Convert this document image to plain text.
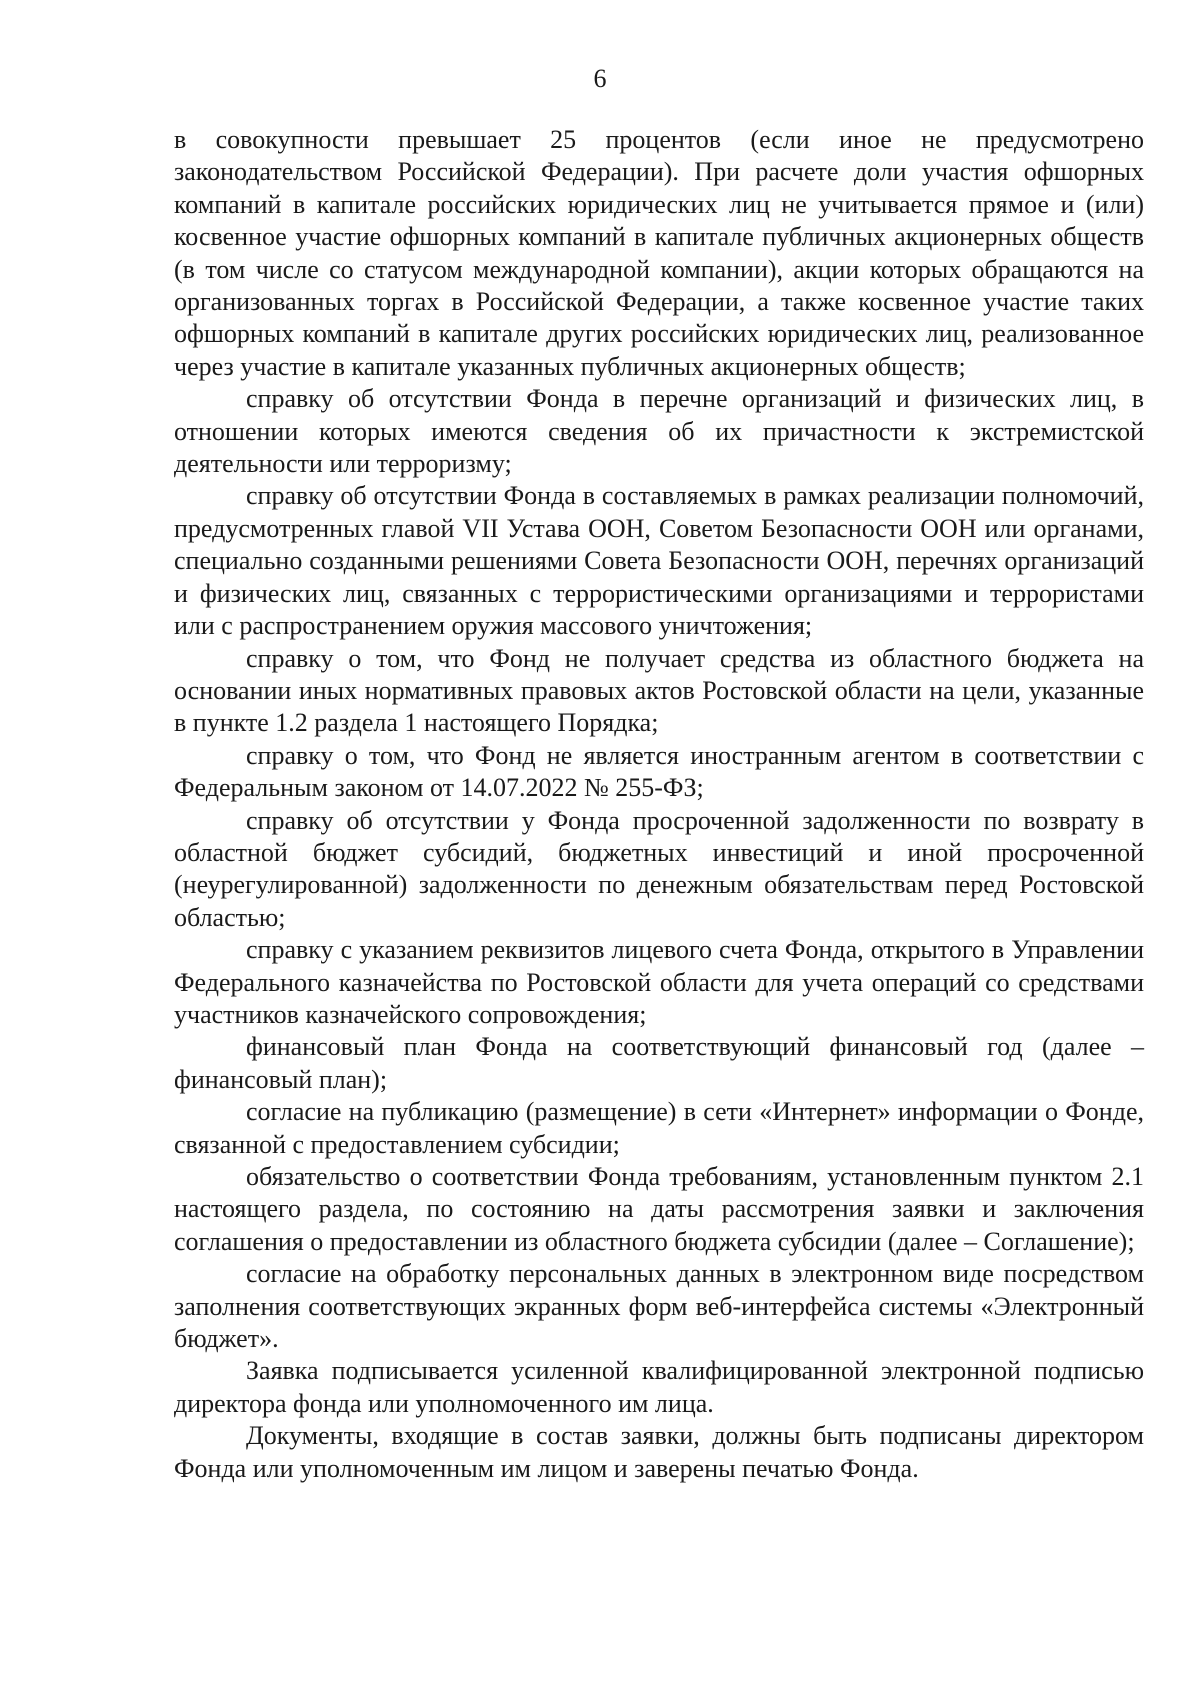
6

в совокупности превышает 25 процентов (если иное не предусмотрено законодательством Российской Федерации). При расчете доли участия офшорных компаний в капитале российских юридических лиц не учитывается прямое и (или) косвенное участие офшорных компаний в капитале публичных акционерных обществ (в том числе со статусом международной компании), акции которых обращаются на организованных торгах в Российской Федерации, а также косвенное участие таких офшорных компаний в капитале других российских юридических лиц, реализованное через участие в капитале указанных публичных акционерных обществ;

справку об отсутствии Фонда в перечне организаций и физических лиц, в отношении которых имеются сведения об их причастности к экстремистской деятельности или терроризму;

справку об отсутствии Фонда в составляемых в рамках реализации полномочий, предусмотренных главой VII Устава ООН, Советом Безопасности ООН или органами, специально созданными решениями Совета Безопасности ООН, перечнях организаций и физических лиц, связанных с террористическими организациями и террористами или с распространением оружия массового уничтожения;

справку о том, что Фонд не получает средства из областного бюджета на основании иных нормативных правовых актов Ростовской области на цели, указанные в пункте 1.2 раздела 1 настоящего Порядка;

справку о том, что Фонд не является иностранным агентом в соответствии с Федеральным законом от 14.07.2022 № 255-ФЗ;

справку об отсутствии у Фонда просроченной задолженности по возврату в областной бюджет субсидий, бюджетных инвестиций и иной просроченной (неурегулированной) задолженности по денежным обязательствам перед Ростовской областью;

справку с указанием реквизитов лицевого счета Фонда, открытого в Управлении Федерального казначейства по Ростовской области для учета операций со средствами участников казначейского сопровождения;

финансовый план Фонда на соответствующий финансовый год (далее – финансовый план);

согласие на публикацию (размещение) в сети «Интернет» информации о Фонде, связанной с предоставлением субсидии;

обязательство о соответствии Фонда требованиям, установленным пунктом 2.1 настоящего раздела, по состоянию на даты рассмотрения заявки и заключения соглашения о предоставлении из областного бюджета субсидии (далее – Соглашение);

согласие на обработку персональных данных в электронном виде посредством заполнения соответствующих экранных форм веб-интерфейса системы «Электронный бюджет».

Заявка подписывается усиленной квалифицированной электронной подписью директора фонда или уполномоченного им лица.

Документы, входящие в состав заявки, должны быть подписаны директором Фонда или уполномоченным им лицом и заверены печатью Фонда.
